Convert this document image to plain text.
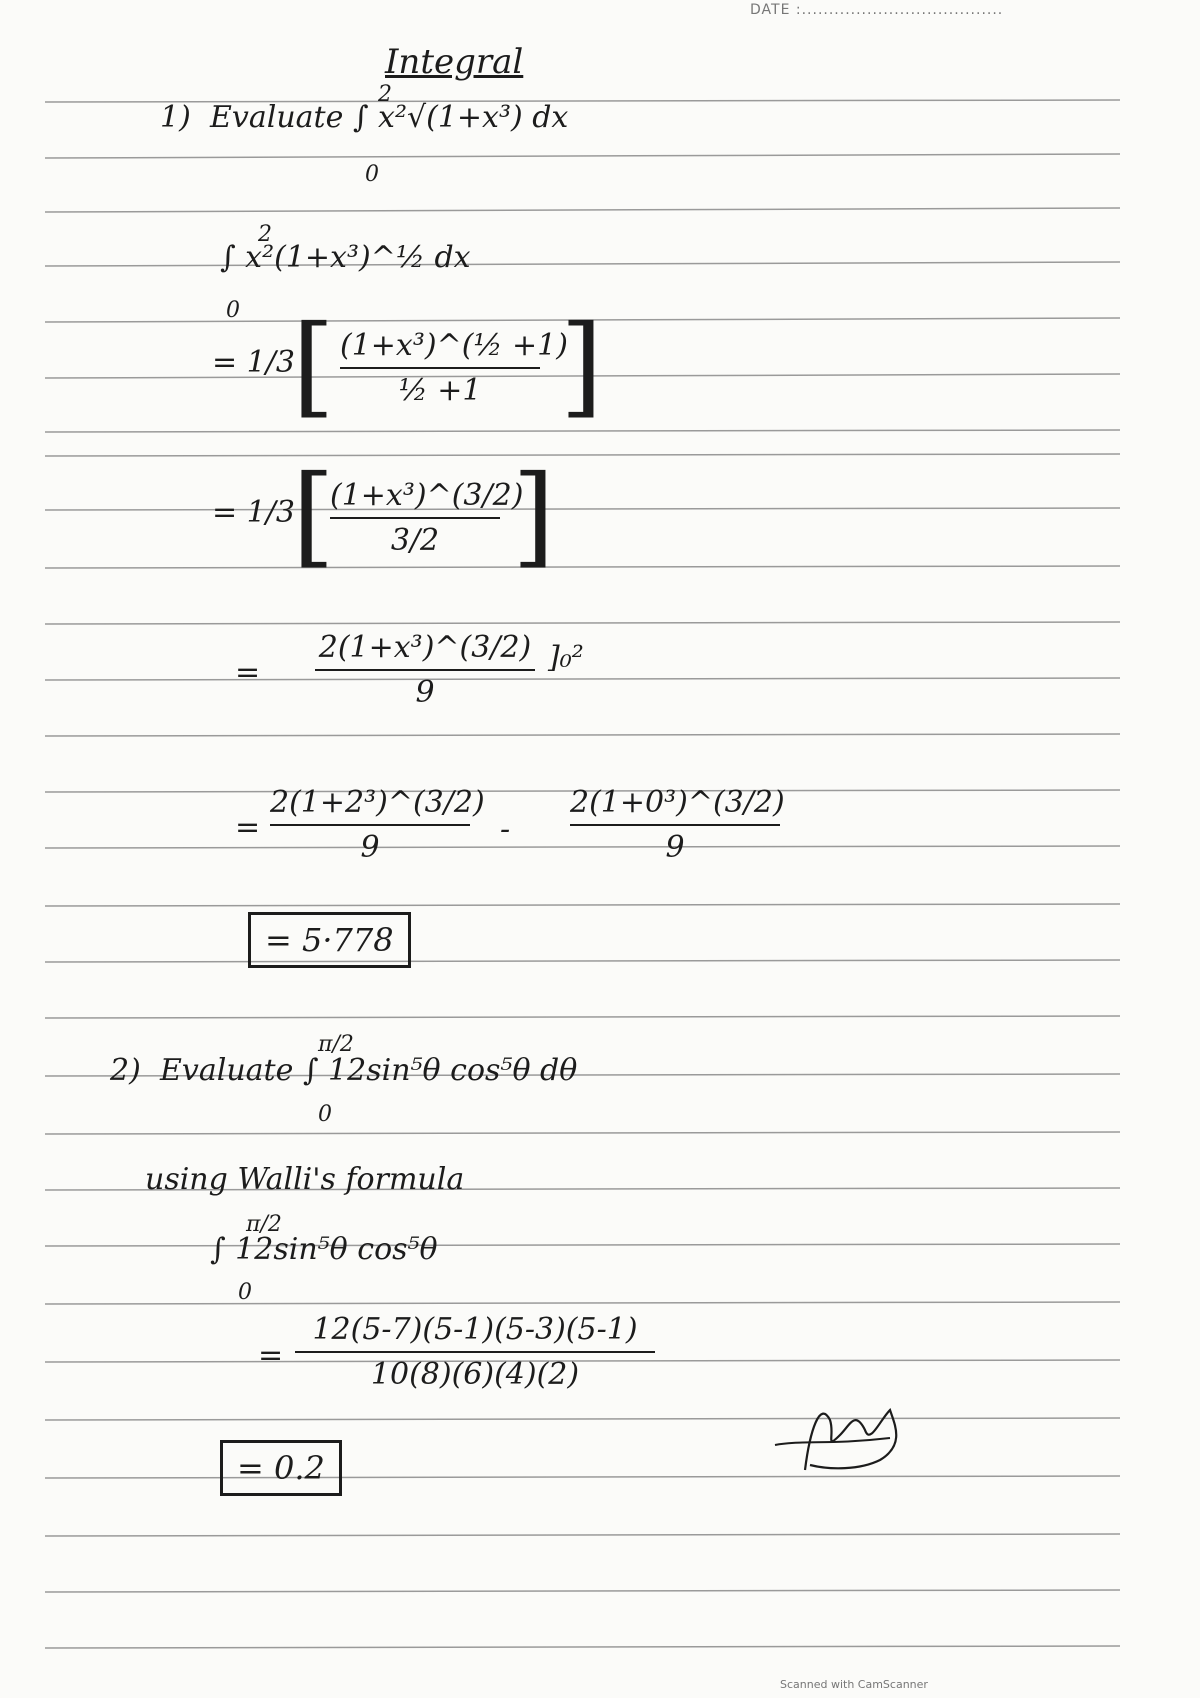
DATE :.....................................
Integral
1) Evaluate ∫ x²√(1+x³) dx
2
0
∫ x²(1+x³)^½ dx
2
0
= 1/3
[ (1+x³)^(½ +1)
½ +1 ]
= 1/3
[
(1+x³)^(3/2)
3/2 ]
=
2(1+x³)^(3/2)
9
]₀²
=
2(1+2³)^(3/2)
9
-
2(1+0³)^(3/2)
9
= 5·778
2) Evaluate ∫ 12sin⁵θ cos⁵θ dθ
π/2
0
using Walli's formula
∫ 12sin⁵θ cos⁵θ
π/2
0
=
12(5-7)(5-1)(5-3)(5-1)
10(8)(6)(4)(2)
= 0.2
Scanned with CamScanner
